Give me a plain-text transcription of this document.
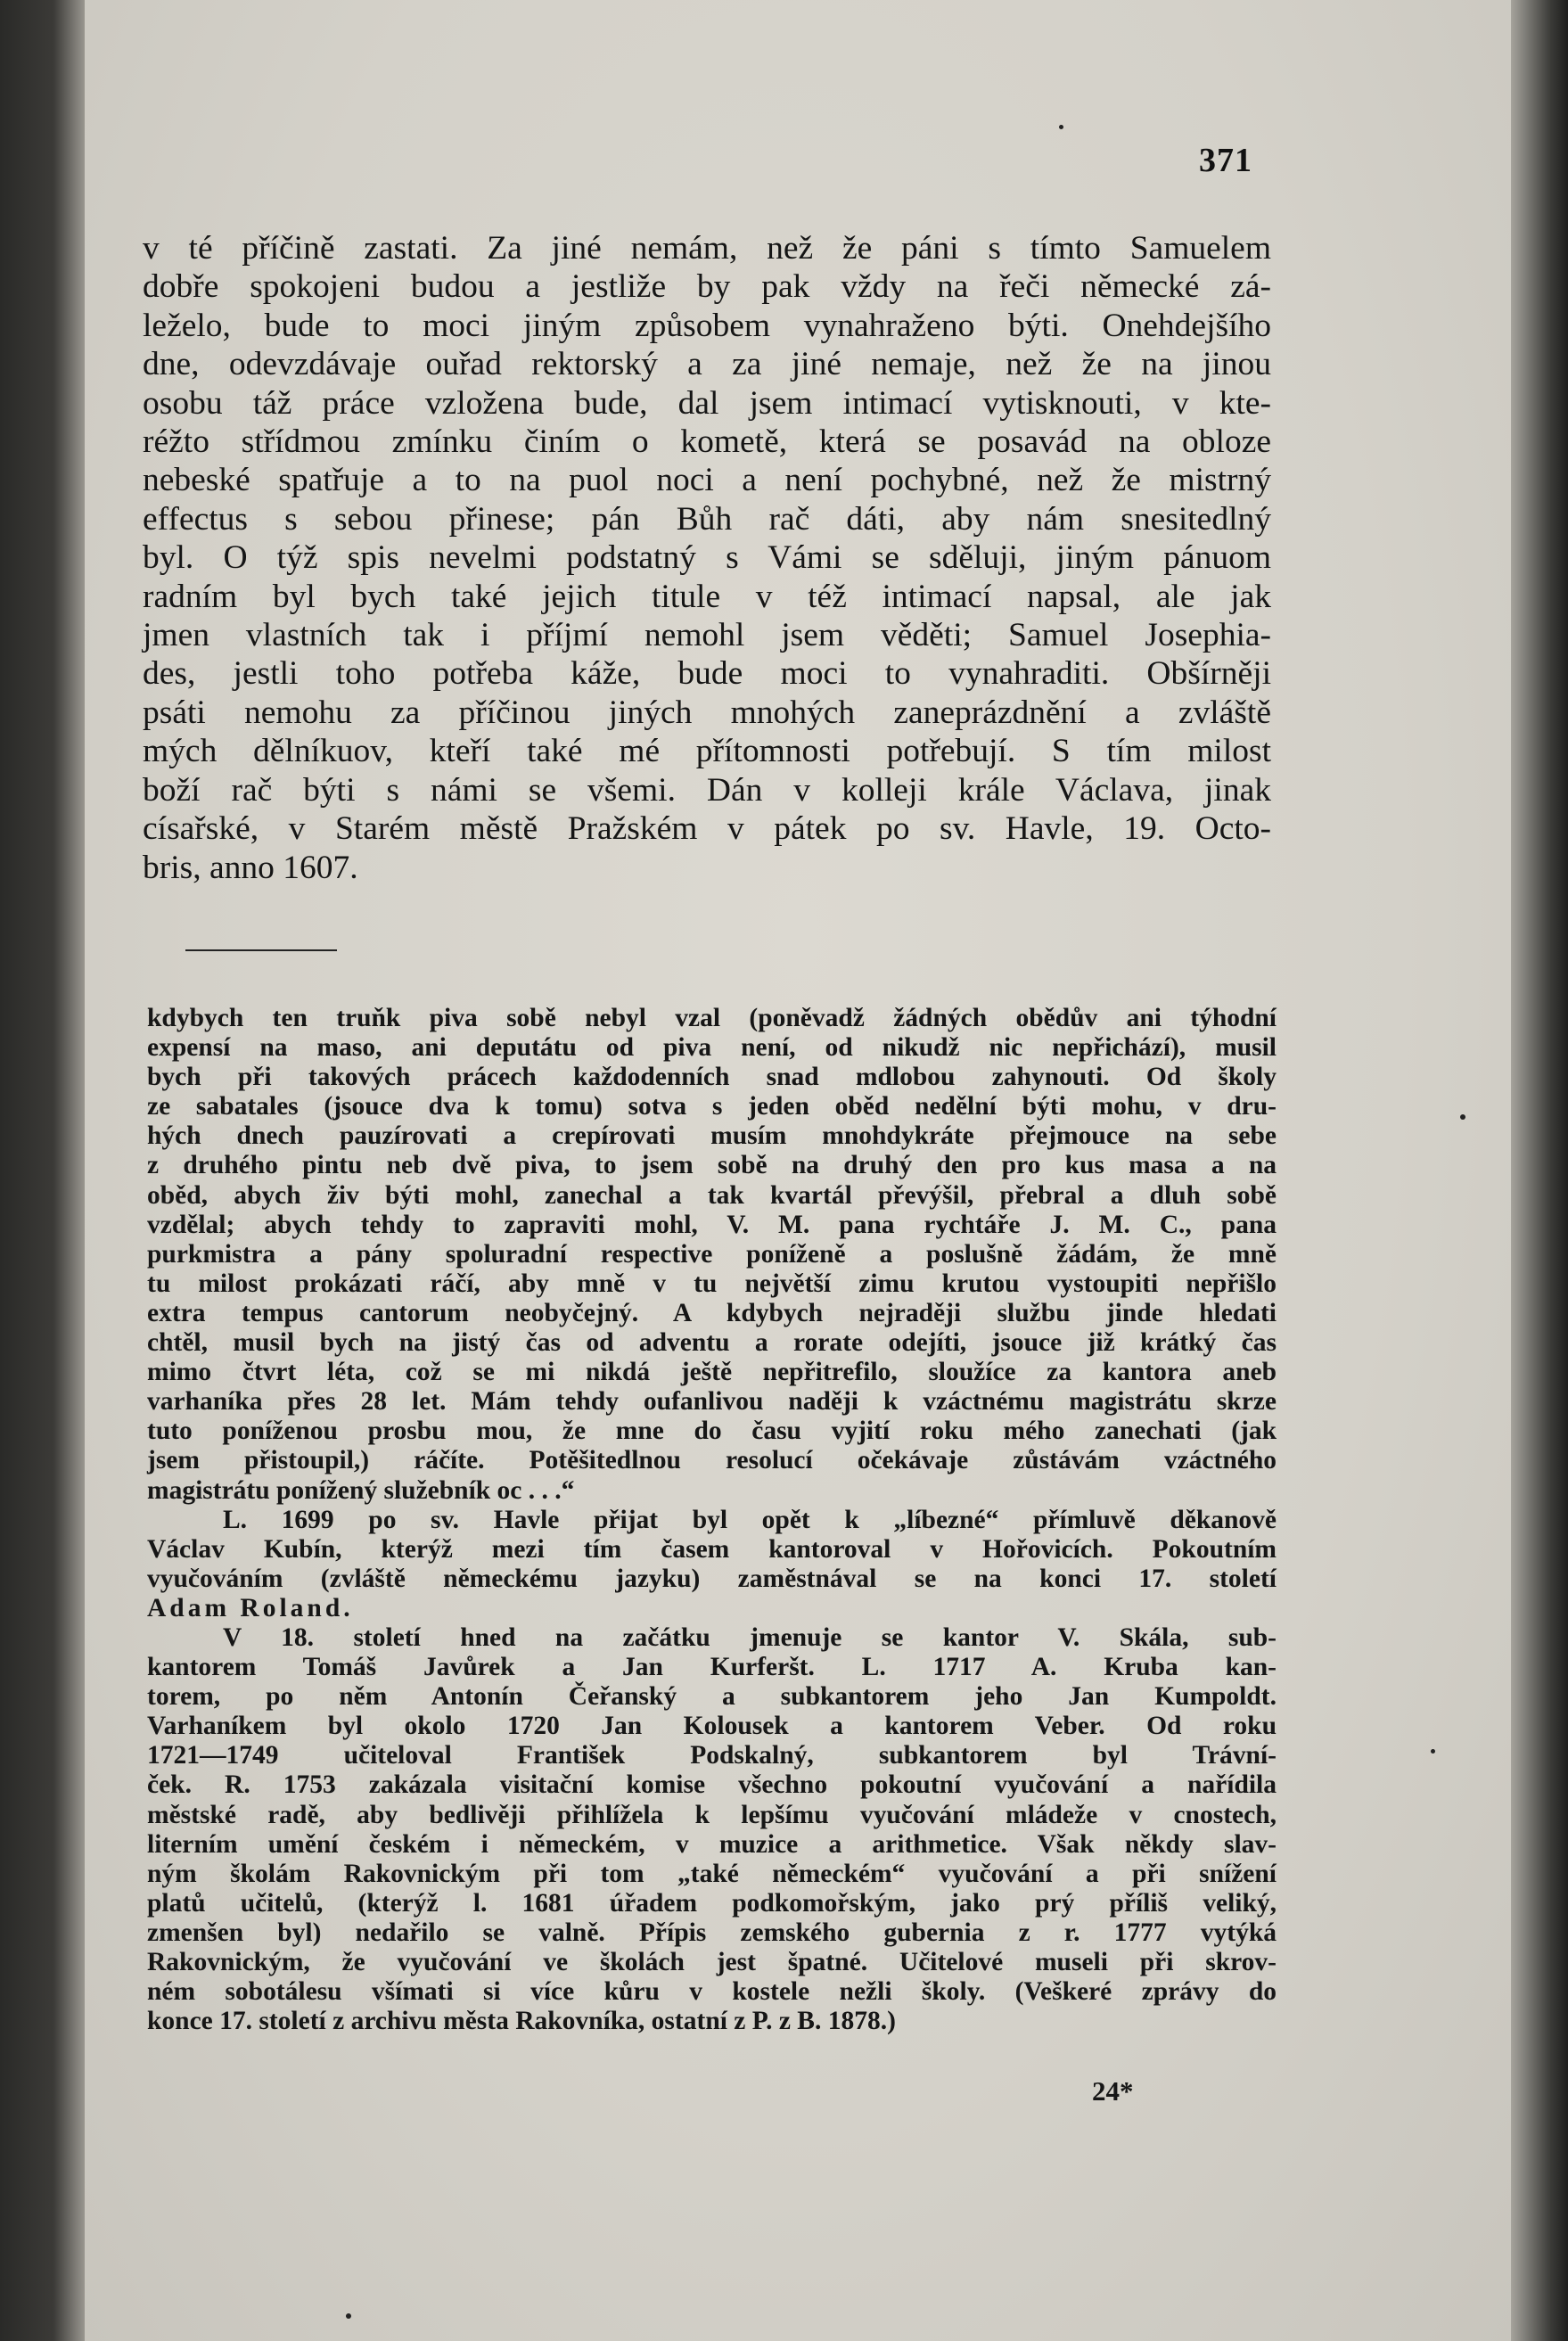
371
v té příčině zastati. Za jiné nemám, než že páni s tímto Samuelem
dobře spokojeni budou a jestliže by pak vždy na řeči německé zá-
leželo, bude to moci jiným způsobem vynahraženo býti. Onehdejšího
dne, odevzdávaje ouřad rektorský a za jiné nemaje, než že na jinou
osobu táž práce vzložena bude, dal jsem intimací vytisknouti, v kte-
réžto střídmou zmínku činím o kometě, která se posavád na obloze
nebeské spatřuje a to na puol noci a není pochybné, než že mistrný
effectus s sebou přinese; pán Bůh rač dáti, aby nám snesitedlný
byl. O týž spis nevelmi podstatný s Vámi se sděluji, jiným pánuom
radním byl bych také jejich titule v též intimací napsal, ale jak
jmen vlastních tak i příjmí nemohl jsem věděti; Samuel Josephia-
des, jestli toho potřeba káže, bude moci to vynahraditi. Obšírněji
psáti nemohu za příčinou jiných mnohých zaneprázdnění a zvláště
mých dělníkuov, kteří také mé přítomnosti potřebují. S tím milost
boží rač býti s námi se všemi. Dán v kolleji krále Václava, jinak
císařské, v Starém městě Pražském v pátek po sv. Havle, 19. Octo-
bris, anno 1607.
kdybych ten truňk piva sobě nebyl vzal (poněvadž žádných obědův ani týhodní
expensí na maso, ani deputátu od piva není, od nikudž nic nepřichází), musil
bych při takových prácech každodenních snad mdlobou zahynouti. Od školy
ze sabatales (jsouce dva k tomu) sotva s jeden oběd nedělní býti mohu, v dru-
hých dnech pauzírovati a crepírovati musím mnohdykráte přejmouce na sebe
z druhého pintu neb dvě piva, to jsem sobě na druhý den pro kus masa a na
oběd, abych živ býti mohl, zanechal a tak kvartál převýšil, přebral a dluh sobě
vzdělal; abych tehdy to zapraviti mohl, V. M. pana rychtáře J. M. C., pana
purkmistra a pány spoluradní respective poníženě a poslušně žádám, že mně
tu milost prokázati ráčí, aby mně v tu největší zimu krutou vystoupiti nepřišlo
extra tempus cantorum neobyčejný. A kdybych nejraději službu jinde hledati
chtěl, musil bych na jistý čas od adventu a rorate odejíti, jsouce již krátký čas
mimo čtvrt léta, což se mi nikdá ještě nepřitrefilo, sloužíce za kantora aneb
varhaníka přes 28 let. Mám tehdy oufanlivou naději k vzáctnému magistrátu skrze
tuto poníženou prosbu mou, že mne do času vyjití roku mého zanechati (jak
jsem přistoupil,) ráčíte. Potěšitedlnou resolucí očekávaje zůstávám vzáctného
magistrátu ponížený služebník oc . . .“
L. 1699 po sv. Havle přijat byl opět k „líbezné“ přímluvě děkanově
Václav Kubín, kterýž mezi tím časem kantoroval v Hořovicích. Pokoutním
vyučováním (zvláště německému jazyku) zaměstnával se na konci 17. století
Adam Roland.
V 18. století hned na začátku jmenuje se kantor V. Skála, sub-
kantorem Tomáš Javůrek a Jan Kurferšt. L. 1717 A. Kruba kan-
torem, po něm Antonín Čeřanský a subkantorem jeho Jan Kumpoldt.
Varhaníkem byl okolo 1720 Jan Kolousek a kantorem Veber. Od roku
1721—1749 učiteloval František Podskalný, subkantorem byl Trávní-
ček. R. 1753 zakázala visitační komise všechno pokoutní vyučování a nařídila
městské radě, aby bedlivěji přihlížela k lepšímu vyučování mládeže v cnostech,
literním umění českém i německém, v muzice a arithmetice. Však někdy slav-
ným školám Rakovnickým při tom „také německém“ vyučování a při snížení
platů učitelů, (kterýž l. 1681 úřadem podkomořským, jako prý příliš veliký,
zmenšen byl) nedařilo se valně. Přípis zemského gubernia z r. 1777 vytýká
Rakovnickým, že vyučování ve školách jest špatné. Učitelové museli při skrov-
ném sobotálesu všímati si více kůru v kostele nežli školy. (Veškeré zprávy do
konce 17. století z archivu města Rakovníka, ostatní z P. z B. 1878.)
24*
